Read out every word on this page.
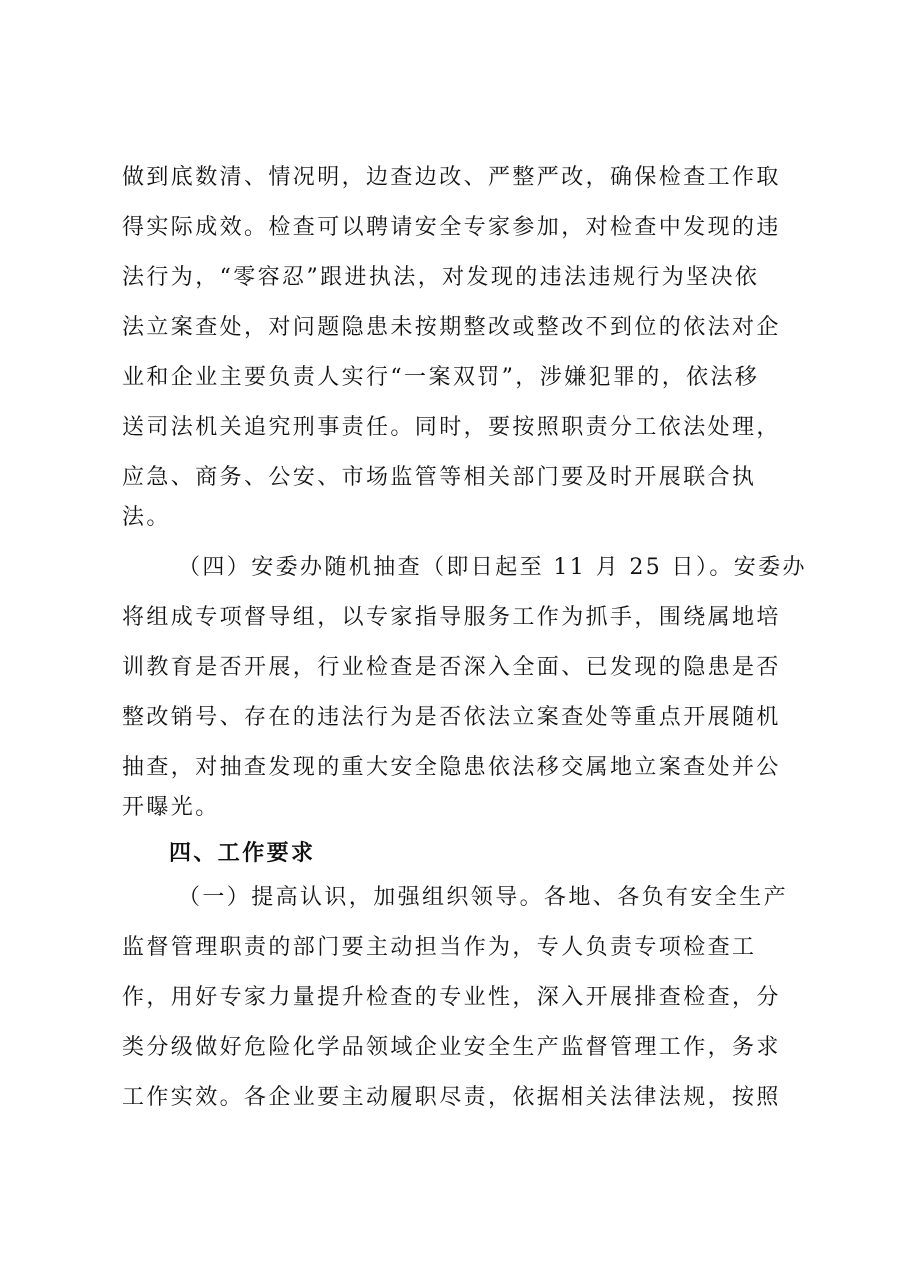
做到底数清、情况明，边查边改、严整严改，确保检查工作取
得实际成效。检查可以聘请安全专家参加，对检查中发现的违
法行为，“零容忍”跟进执法，对发现的违法违规行为坚决依
法立案查处，对问题隐患未按期整改或整改不到位的依法对企
业和企业主要负责人实行“一案双罚”，涉嫌犯罪的，依法移
送司法机关追究刑事责任。同时，要按照职责分工依法处理，
应急、商务、公安、市场监管等相关部门要及时开展联合执
法。
（四）安委办随机抽查（即日起至 11 月 25 日）。安委办
将组成专项督导组，以专家指导服务工作为抓手，围绕属地培
训教育是否开展，行业检查是否深入全面、已发现的隐患是否
整改销号、存在的违法行为是否依法立案查处等重点开展随机
抽查，对抽查发现的重大安全隐患依法移交属地立案查处并公
开曝光。
四、工作要求
（一）提高认识，加强组织领导。各地、各负有安全生产
监督管理职责的部门要主动担当作为，专人负责专项检查工
作，用好专家力量提升检查的专业性，深入开展排查检查，分
类分级做好危险化学品领域企业安全生产监督管理工作，务求
工作实效。各企业要主动履职尽责，依据相关法律法规，按照
